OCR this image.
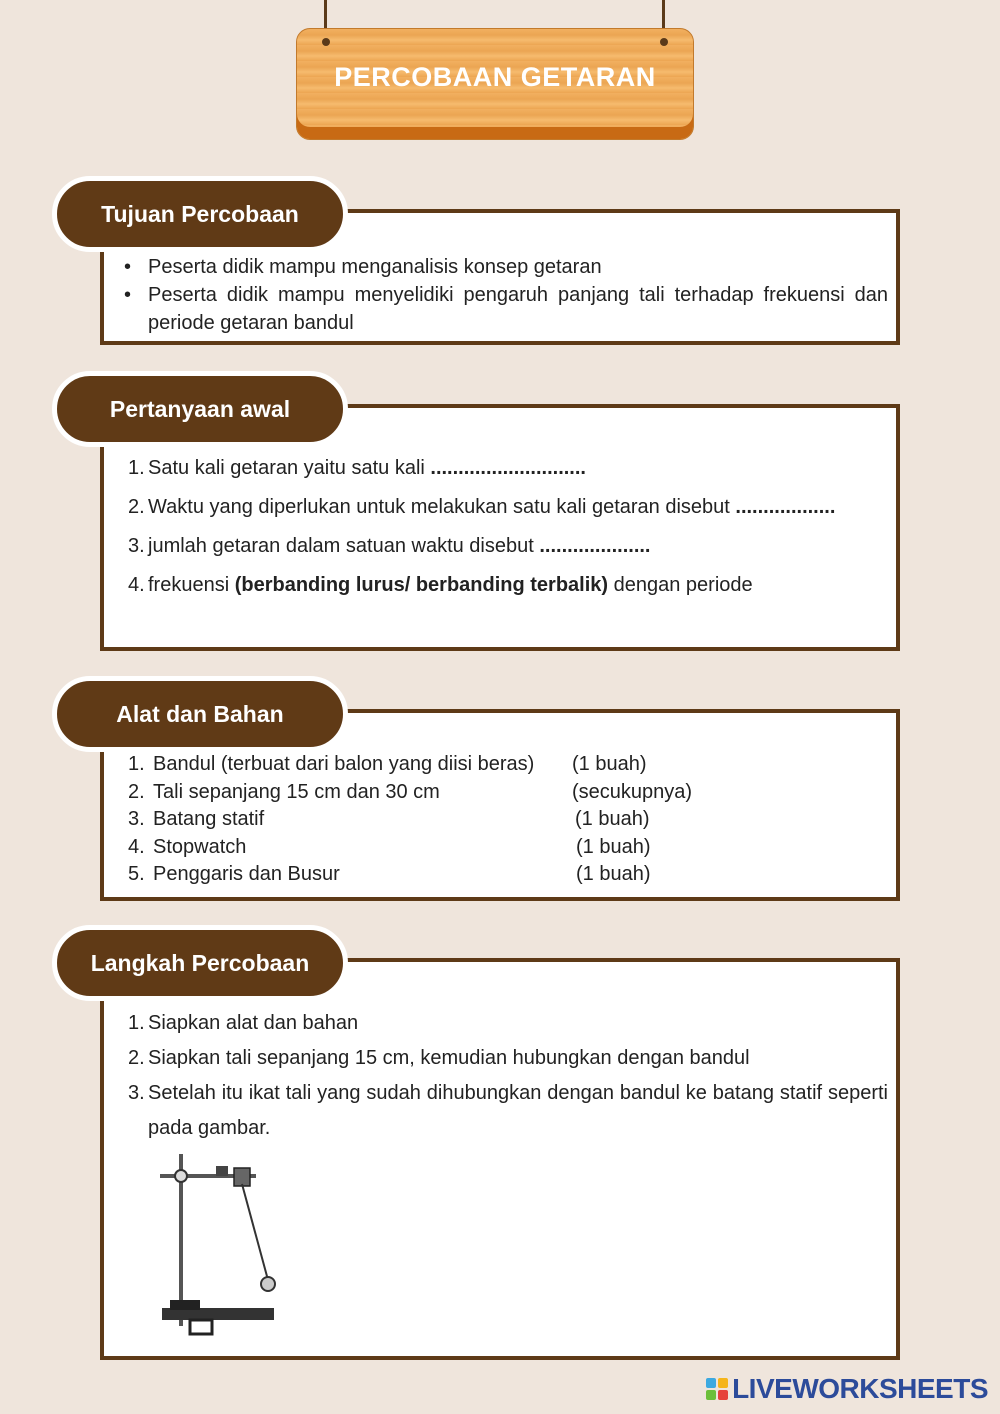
PERCOBAAN GETARAN
Tujuan Percobaan
• Peserta didik mampu menganalisis konsep getaran
• Peserta didik mampu menyelidiki pengaruh panjang tali terhadap frekuensi dan periode getaran bandul
Pertanyaan awal
1. Satu kali getaran yaitu satu kali ............................
2. Waktu yang diperlukan untuk melakukan satu kali getaran disebut ..................
3. jumlah getaran dalam satuan waktu disebut ....................
4. frekuensi (berbanding lurus/ berbanding terbalik) dengan periode
Alat dan Bahan
1. Bandul (terbuat dari balon yang diisi beras) (1 buah)
2. Tali sepanjang 15 cm dan 30 cm	(secukupnya)
3. Batang statif	(1 buah)
4. Stopwatch	(1 buah)
5. Penggaris dan Busur	(1 buah)
Langkah Percobaan
1. Siapkan alat dan bahan
2. Siapkan tali sepanjang 15 cm, kemudian hubungkan dengan bandul
3. Setelah itu ikat tali yang sudah dihubungkan dengan bandul ke batang statif seperti pada gambar.
LIVEWORKSHEETS
